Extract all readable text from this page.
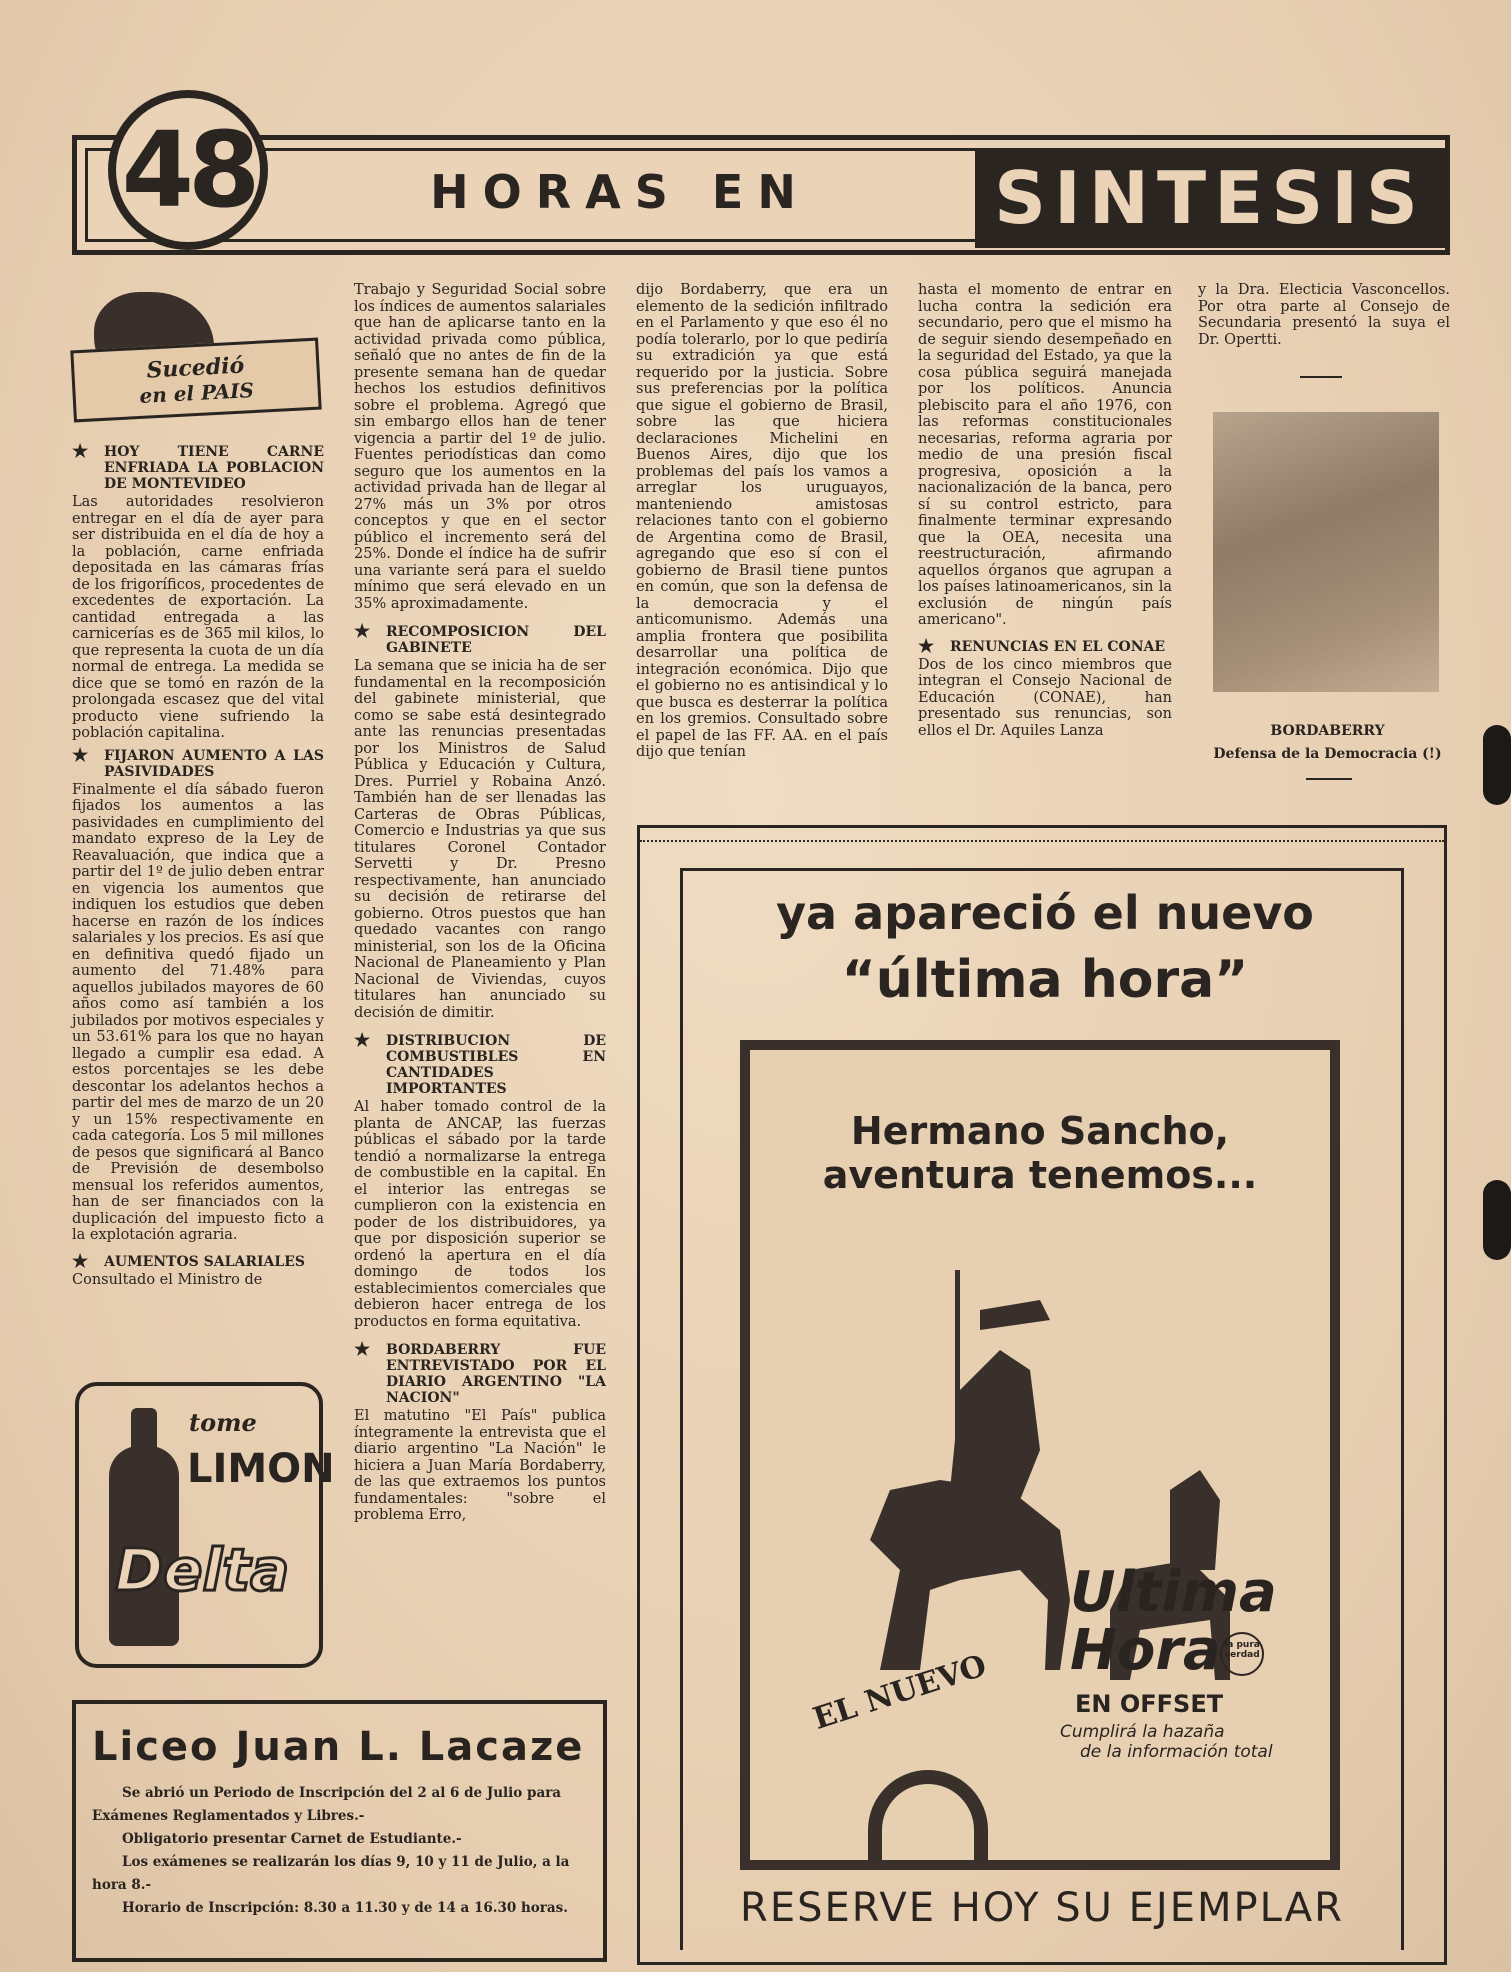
SINTESIS
HORAS EN
48
Sucedió
en el PAIS
★ HOY TIENE CARNE ENFRIADA LA POBLACION DE MONTEVIDEO

Las autoridades resolvieron entregar en el día de ayer para ser distribuida en el día de hoy a la población, carne enfriada depositada en las cámaras frías de los frigoríficos, procedentes de excedentes de exportación. La cantidad entregada a las carnicerías es de 365 mil kilos, lo que representa la cuota de un día normal de entrega. La medida se dice que se tomó en razón de la prolongada escasez que del vital producto viene sufriendo la población capitalina.

★ FIJARON AUMENTO A LAS PASIVIDADES

Finalmente el día sábado fueron fijados los aumentos a las pasividades en cumplimiento del mandato expreso de la Ley de Reavaluación, que indica que a partir del 1º de julio deben entrar en vigencia los aumentos que indiquen los estudios que deben hacerse en razón de los índices salariales y los precios. Es así que en definitiva quedó fijado un aumento del 71.48% para aquellos jubilados mayores de 60 años como así también a los jubilados por motivos especiales y un 53.61% para los que no hayan llegado a cumplir esa edad. A estos porcentajes se les debe descontar los adelantos hechos a partir del mes de marzo de un 20 y un 15% respectivamente en cada categoría. Los 5 mil millones de pesos que significará al Banco de Previsión de desembolso mensual los referidos aumentos, han de ser financiados con la duplicación del impuesto ficto a la explotación agraria.

★ AUMENTOS SALARIALES

Consultado el Ministro de

tome
LIMON
Delta
Liceo Juan L. Lacaze

Se abrió un Periodo de Inscripción del 2 al 6 de Julio para Exámenes Reglamentados y Libres.-

Obligatorio presentar Carnet de Estudiante.-

Los exámenes se realizarán los días 9, 10 y 11 de Julio, a la hora 8.-

Horario de Inscripción: 8.30 a 11.30 y de 14 a 16.30 horas.

Trabajo y Seguridad Social sobre los índices de aumentos salariales que han de aplicarse tanto en la actividad privada como pública, señaló que no antes de fin de la presente semana han de quedar hechos los estudios definitivos sobre el problema. Agregó que sin embargo ellos han de tener vigencia a partir del 1º de julio. Fuentes periodísticas dan como seguro que los aumentos en la actividad privada han de llegar al 27% más un 3% por otros conceptos y que en el sector público el incremento será del 25%. Donde el índice ha de sufrir una variante será para el sueldo mínimo que será elevado en un 35% aproximadamente.

★ RECOMPOSICION DEL GABINETE

La semana que se inicia ha de ser fundamental en la recomposición del gabinete ministerial, que como se sabe está desintegrado ante las renuncias presentadas por los Ministros de Salud Pública y Educación y Cultura, Dres. Purriel y Robaina Anzó. También han de ser llenadas las Carteras de Obras Públicas, Comercio e Industrias ya que sus titulares Coronel Contador Servetti y Dr. Presno respectivamente, han anunciado su decisión de retirarse del gobierno. Otros puestos que han quedado vacantes con rango ministerial, son los de la Oficina Nacional de Planeamiento y Plan Nacional de Viviendas, cuyos titulares han anunciado su decisión de dimitir.

★ DISTRIBUCION DE COMBUSTIBLES EN CANTIDADES IMPORTANTES

Al haber tomado control de la planta de ANCAP, las fuerzas públicas el sábado por la tarde tendió a normalizarse la entrega de combustible en la capital. En el interior las entregas se cumplieron con la existencia en poder de los distribuidores, ya que por disposición superior se ordenó la apertura en el día domingo de todos los establecimientos comerciales que debieron hacer entrega de los productos en forma equitativa.

★ BORDABERRY FUE ENTREVISTADO POR EL DIARIO ARGENTINO "LA NACION"

El matutino "El País" publica íntegramente la entrevista que el diario argentino "La Nación" le hiciera a Juan María Bordaberry, de las que extraemos los puntos fundamentales: "sobre el problema Erro,

dijo Bordaberry, que era un elemento de la sedición infiltrado en el Parlamento y que eso él no podía tolerarlo, por lo que pediría su extradición ya que está requerido por la justicia. Sobre sus preferencias por la política que sigue el gobierno de Brasil, sobre las que hiciera declaraciones Michelini en Buenos Aires, dijo que los problemas del país los vamos a arreglar los uruguayos, manteniendo amistosas relaciones tanto con el gobierno de Argentina como de Brasil, agregando que eso sí con el gobierno de Brasil tiene puntos en común, que son la defensa de la democracia y el anticomunismo. Además una amplia frontera que posibilita desarrollar una política de integración económica. Dijo que el gobierno no es antisindical y lo que busca es desterrar la política en los gremios. Consultado sobre el papel de las FF. AA. en el país dijo que tenían

hasta el momento de entrar en lucha contra la sedición era secundario, pero que el mismo ha de seguir siendo desempeñado en la seguridad del Estado, ya que la cosa pública seguirá manejada por los políticos. Anuncia plebiscito para el año 1976, con las reformas constitucionales necesarias, reforma agraria por medio de una presión fiscal progresiva, oposición a la nacionalización de la banca, pero sí su control estricto, para finalmente terminar expresando que la OEA, necesita una reestructuración, afirmando aquellos órganos que agrupan a los países latinoamericanos, sin la exclusión de ningún país americano".

★ RENUNCIAS EN EL CONAE

Dos de los cinco miembros que integran el Consejo Nacional de Educación (CONAE), han presentado sus renuncias, son ellos el Dr. Aquiles Lanza

y la Dra. Electicia Vasconcellos. Por otra parte al Consejo de Secundaria presentó la suya el Dr. Opertti.

BORDABERRY
Defensa de la Democracia (!)
ya apareció el nuevo
“última hora”
Hermano Sancho,
aventura tenemos...
EL NUEVO
Ultima
Hora la pura verdad
EN OFFSET
Cumplirá la hazaña
de la información total
RESERVE HOY SU EJEMPLAR
